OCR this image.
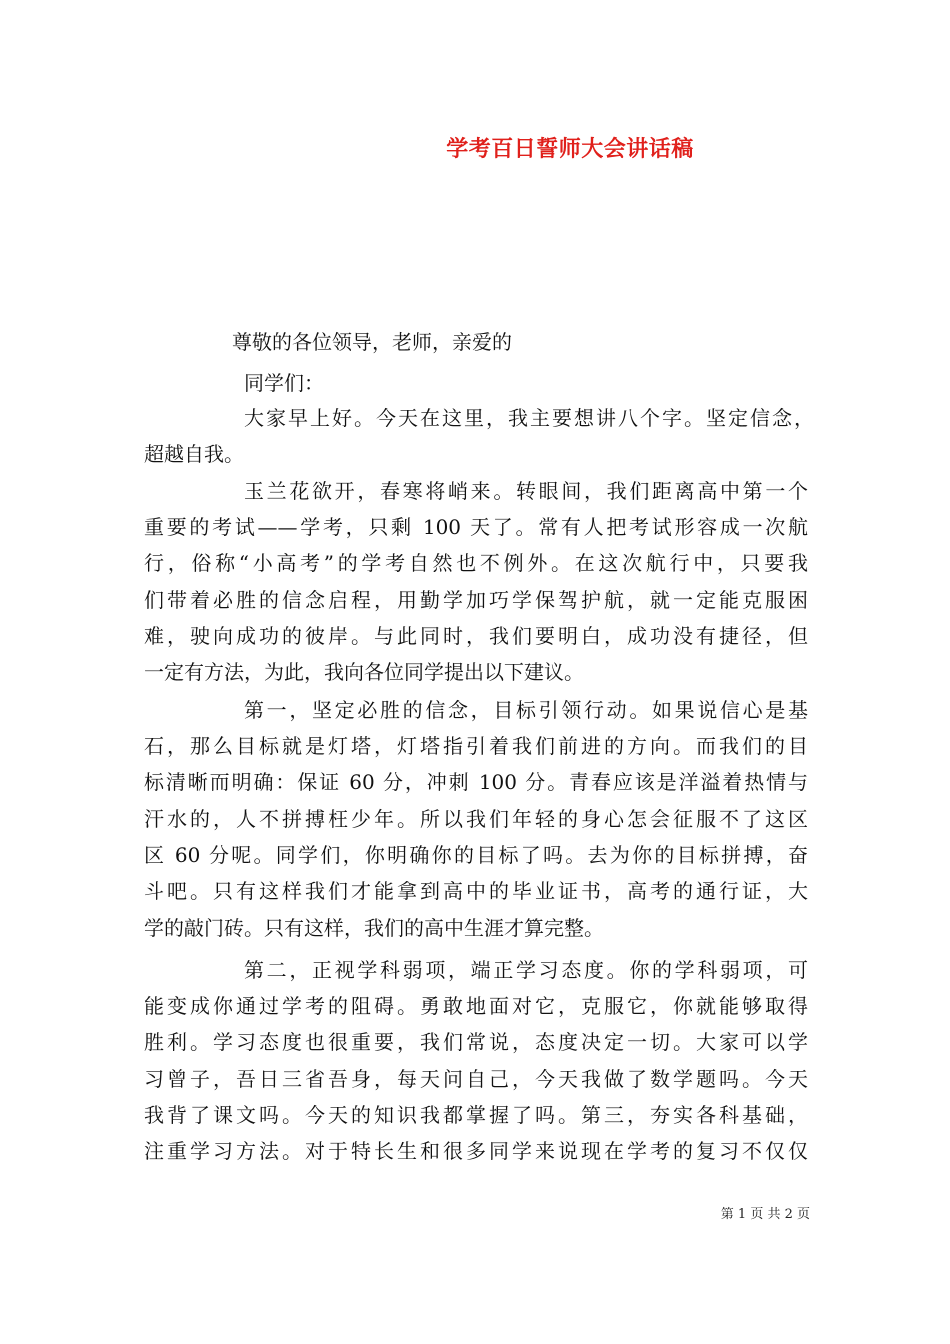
学考百日誓师大会讲话稿
尊敬的各位领导，老师，亲爱的
同学们：
大家早上好。今天在这里，我主要想讲八个字。坚定信念，
超越自我。
玉兰花欲开，春寒将峭来。转眼间，我们距离高中第一个
重要的考试——学考，只剩 100 天了。常有人把考试形容成一次航
行，俗称“小高考”的学考自然也不例外。在这次航行中，只要我
们带着必胜的信念启程，用勤学加巧学保驾护航，就一定能克服困
难，驶向成功的彼岸。与此同时，我们要明白，成功没有捷径，但
一定有方法，为此，我向各位同学提出以下建议。
第一，坚定必胜的信念，目标引领行动。如果说信心是基
石，那么目标就是灯塔，灯塔指引着我们前进的方向。而我们的目
标清晰而明确：保证 60 分，冲刺 100 分。青春应该是洋溢着热情与
汗水的，人不拼搏枉少年。所以我们年轻的身心怎会征服不了这区
区 60 分呢。同学们，你明确你的目标了吗。去为你的目标拼搏，奋
斗吧。只有这样我们才能拿到高中的毕业证书，高考的通行证，大
学的敲门砖。只有这样，我们的高中生涯才算完整。
第二，正视学科弱项，端正学习态度。你的学科弱项，可
能变成你通过学考的阻碍。勇敢地面对它，克服它，你就能够取得
胜利。学习态度也很重要，我们常说，态度决定一切。大家可以学
习曾子，吾日三省吾身，每天问自己，今天我做了数学题吗。今天
我背了课文吗。今天的知识我都掌握了吗。第三，夯实各科基础，
注重学习方法。对于特长生和很多同学来说现在学考的复习不仅仅
第 1 页 共 2 页
